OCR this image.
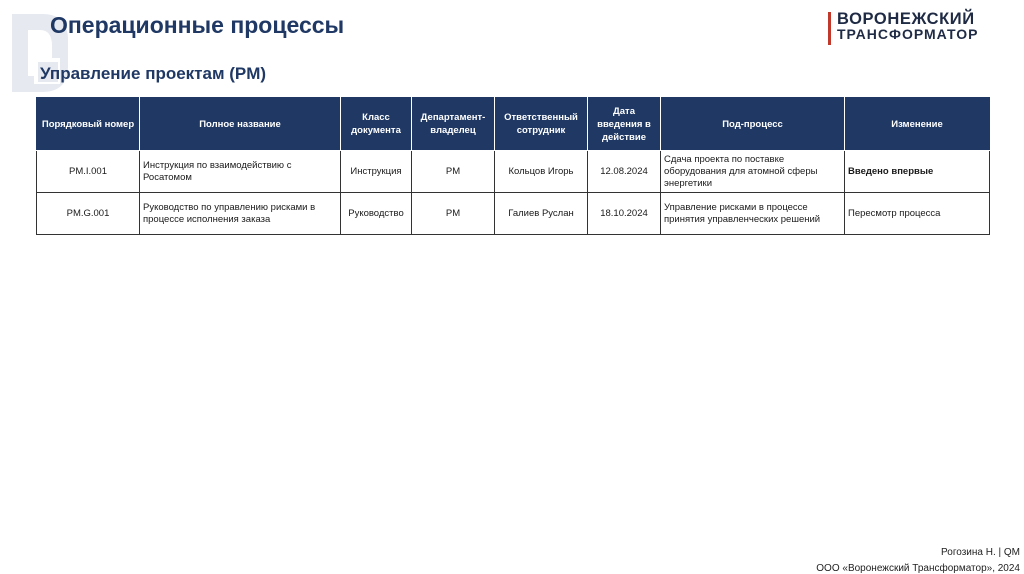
Операционные процессы
Управление проектам (PM)
ВОРОНЕЖСКИЙ
ТРАНСФОРМАТОР
Порядковый номер	Полное название	Класс документа	Департамент-владелец	Ответственный сотрудник	Дата введения в действие	Под-процесс	Изменение
PM.I.001	Инструкция по взаимодействию с Росатомом	Инструкция	PM	Кольцов Игорь	12.08.2024	Сдача проекта по поставке оборудования для атомной сферы энергетики	Введено впервые
PM.G.001	Руководство по управлению рисками в процессе исполнения заказа	Руководство	PM	Галиев Руслан	18.10.2024	Управление рисками в процессе принятия управленческих решений	Пересмотр процесса
Рогозина Н. | QM
ООО «Воронежский Трансформатор», 2024
